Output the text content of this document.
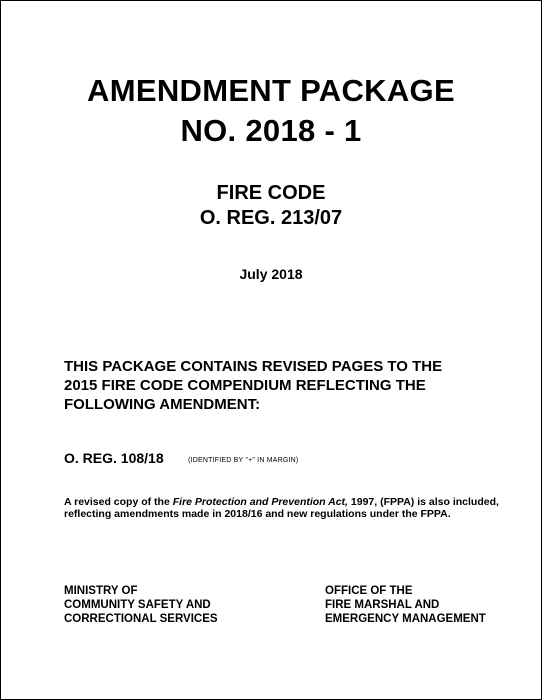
AMENDMENT PACKAGE
NO. 2018 - 1
FIRE CODE
O. REG. 213/07
July 2018
THIS PACKAGE CONTAINS REVISED PAGES TO THE
2015 FIRE CODE COMPENDIUM REFLECTING THE
FOLLOWING AMENDMENT:
O. REG. 108/18	(IDENTIFIED BY "+" IN MARGIN)
A revised copy of the Fire Protection and Prevention Act, 1997, (FPPA) is also included, reflecting amendments made in 2018/16 and new regulations under the FPPA.
MINISTRY OF
COMMUNITY SAFETY AND
CORRECTIONAL SERVICES
OFFICE OF THE
FIRE MARSHAL AND
EMERGENCY MANAGEMENT
